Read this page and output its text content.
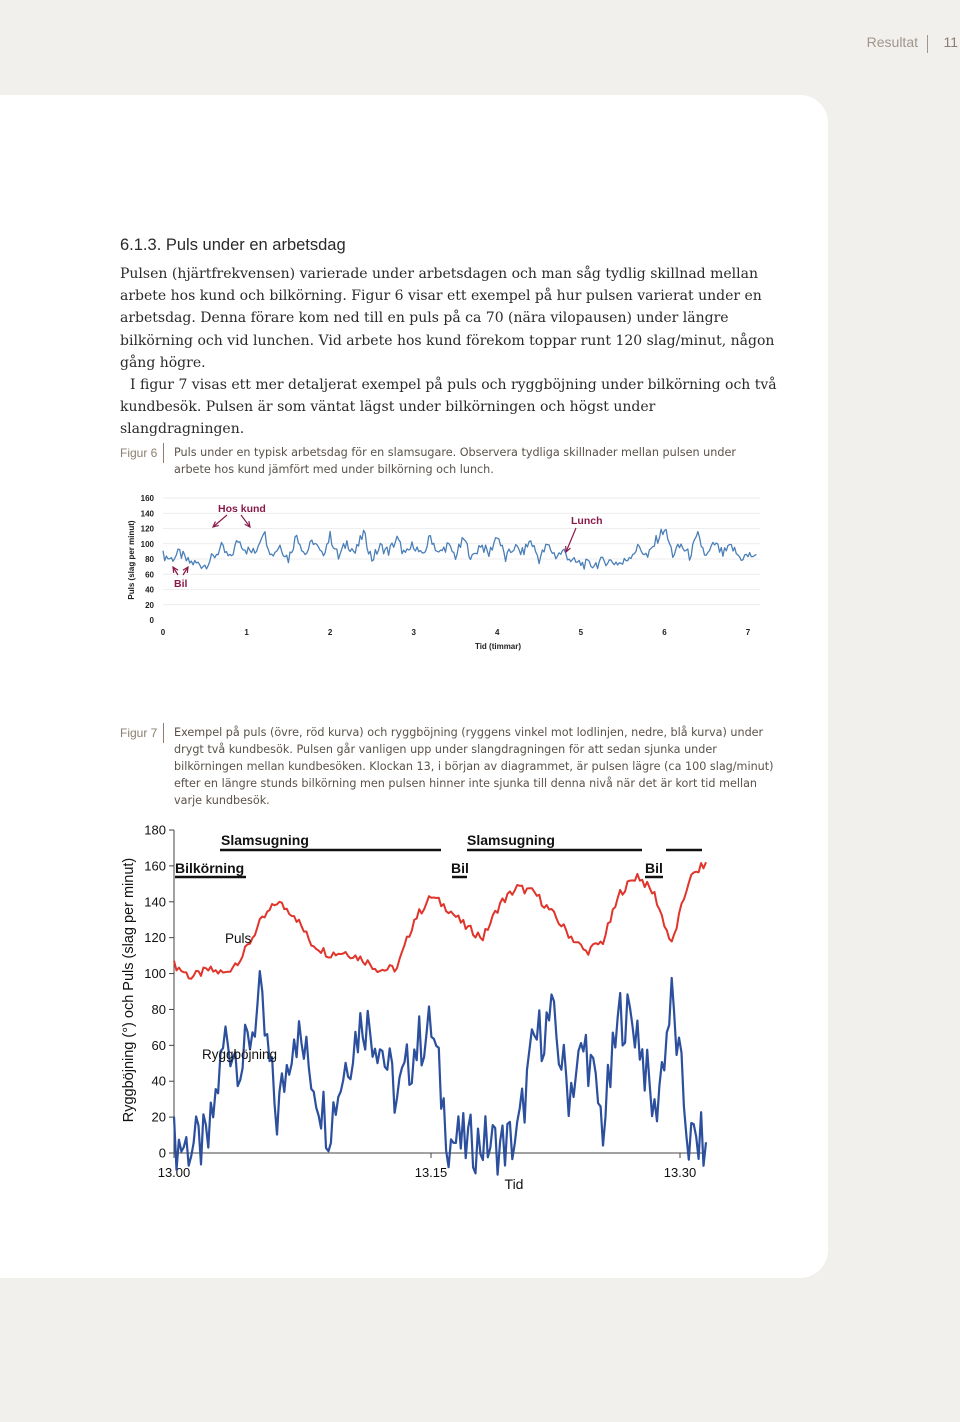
Resultat 11
6.1.3. Puls under en arbetsdag

Pulsen (hjärtfrekvensen) varierade under arbetsdagen och man såg tydlig skillnad mellan arbete hos kund och bilkörning. Figur 6 visar ett exempel på hur pulsen varierat under en arbetsdag. Denna förare kom ned till en puls på ca 70 (nära vilopausen) under längre bilkörning och vid lunchen. Vid arbete hos kund förekom toppar runt 120 slag/minut, någon gång högre.

I figur 7 visas ett mer detaljerat exempel på puls och ryggböjning under bilkörning och två kundbesök. Pulsen är som väntat lägst under bilkörningen och högst under slangdragningen.

Figur 6 Puls under en typisk arbetsdag för en slamsugare. Observera tydliga skillnader mellan pulsen under arbete hos kund jämfört med under bilkörning och lunch.
0
20
40
60
80
100
120
140
160
Puls (slag per minut)
0	1	2	3	4	5	6	7
Tid (timmar)
Hos kund
Lunch
Bil
Figur 7 Exempel på puls (övre, röd kurva) och ryggböjning (ryggens vinkel mot lodlinjen, nedre, blå kurva) under drygt två kundbesök. Pulsen går vanligen upp under slangdragningen för att sedan sjunka under bilkörningen mellan kundbesöken. Klockan 13, i början av diagrammet, är pulsen lägre (ca 100 slag/minut) efter en längre stunds bilkörning men pulsen hinner inte sjunka till denna nivå när det är kort tid mellan varje kundbesök.
0
20
40
60
80
100
120
140
160
180
Ryggböjning (°) och Puls (slag per minut)
13.00	13.15	13.30
Tid
Slamsugning	Slamsugning
Bilkörning	Bil	Bil
Puls
Ryggböjning
